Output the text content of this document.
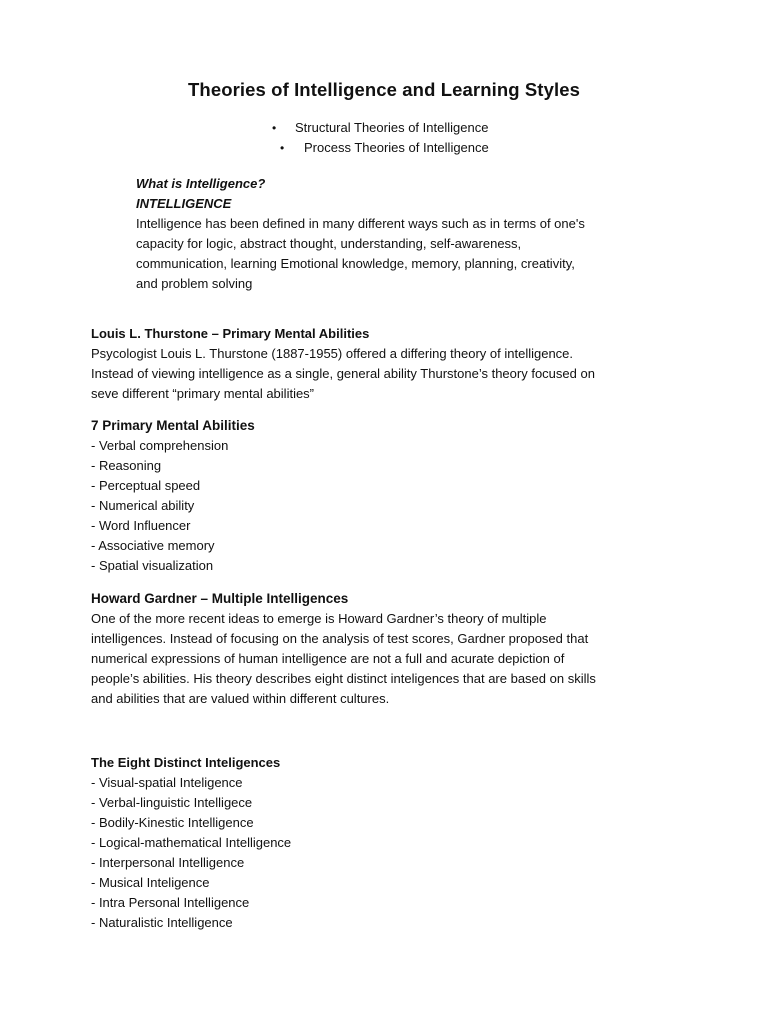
Theories of Intelligence and Learning Styles
• Structural Theories of Intelligence
• Process Theories of Intelligence

What is Intelligence?

INTELLIGENCE

Intelligence has been defined in many different ways such as in terms of one's

capacity for logic, abstract thought, understanding, self-awareness,

communication, learning Emotional knowledge, memory, planning, creativity,

and problem solving

Louis L. Thurstone – Primary Mental Abilities

Psycologist Louis L. Thurstone (1887-1955) offered a differing theory of intelligence.

Instead of viewing intelligence as a single, general ability Thurstone’s theory focused on

seve different “primary mental abilities”

7 Primary Mental Abilities

- Verbal comprehension

- Reasoning

- Perceptual speed

- Numerical ability

- Word Influencer

- Associative memory

- Spatial visualization

Howard Gardner – Multiple Intelligences

One of the more recent ideas to emerge is Howard Gardner’s theory of multiple

intelligences. Instead of focusing on the analysis of test scores, Gardner proposed that

numerical expressions of human intelligence are not a full and acurate depiction of

people’s abilities. His theory describes eight distinct inteligences that are based on skills

and abilities that are valued within different cultures.

The Eight Distinct Inteligences

- Visual-spatial Inteligence

- Verbal-linguistic Intelligece

- Bodily-Kinestic Intelligence

- Logical-mathematical Intelligence

- Interpersonal Intelligence

- Musical Inteligence

- Intra Personal Intelligence

- Naturalistic Intelligence
